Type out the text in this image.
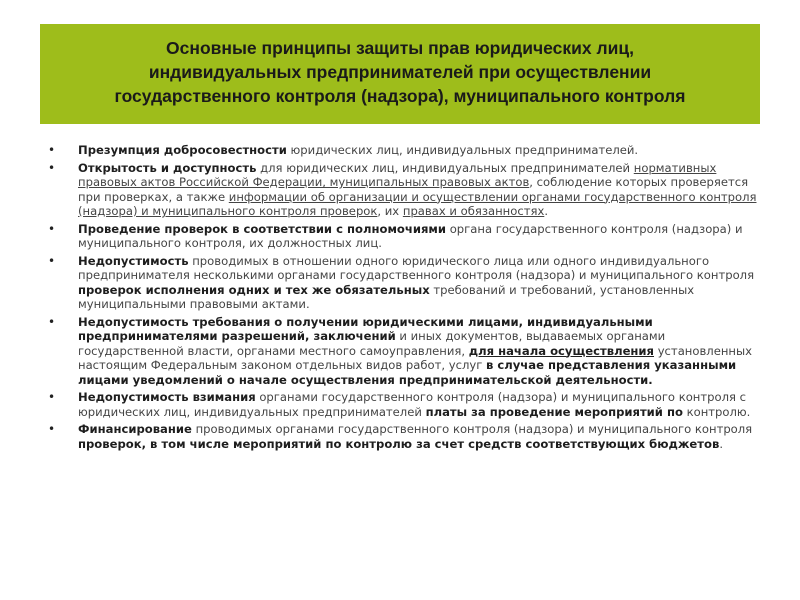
Основные принципы защиты прав юридических лиц,
индивидуальных предпринимателей при осуществлении
государственного контроля (надзора), муниципального контроля
• Презумпция добросовестности юридических лиц, индивидуальных предпринимателей.
• Открытость и доступность для юридических лиц, индивидуальных предпринимателей нормативных правовых актов Российской Федерации, муниципальных правовых актов, соблюдение которых проверяется при проверках, а также информации об организации и осуществлении органами государственного контроля (надзора) и муниципального контроля проверок, их правах и обязанностях.
• Проведение проверок в соответствии с полномочиями органа государственного контроля (надзора) и муниципального контроля, их должностных лиц.
• Недопустимость проводимых в отношении одного юридического лица или одного индивидуального предпринимателя несколькими органами государственного контроля (надзора) и муниципального контроля проверок исполнения одних и тех же обязательных требований и требований, установленных муниципальными правовыми актами.
• Недопустимость требования о получении юридическими лицами, индивидуальными предпринимателями разрешений, заключений и иных документов, выдаваемых органами государственной власти, органами местного самоуправления, для начала осуществления установленных настоящим Федеральным законом отдельных видов работ, услуг в случае представления указанными лицами уведомлений о начале осуществления предпринимательской деятельности.
• Недопустимость взимания органами государственного контроля (надзора) и муниципального контроля с юридических лиц, индивидуальных предпринимателей платы за проведение мероприятий по контролю.
• Финансирование проводимых органами государственного контроля (надзора) и муниципального контроля проверок, в том числе мероприятий по контролю за счет средств соответствующих бюджетов.
